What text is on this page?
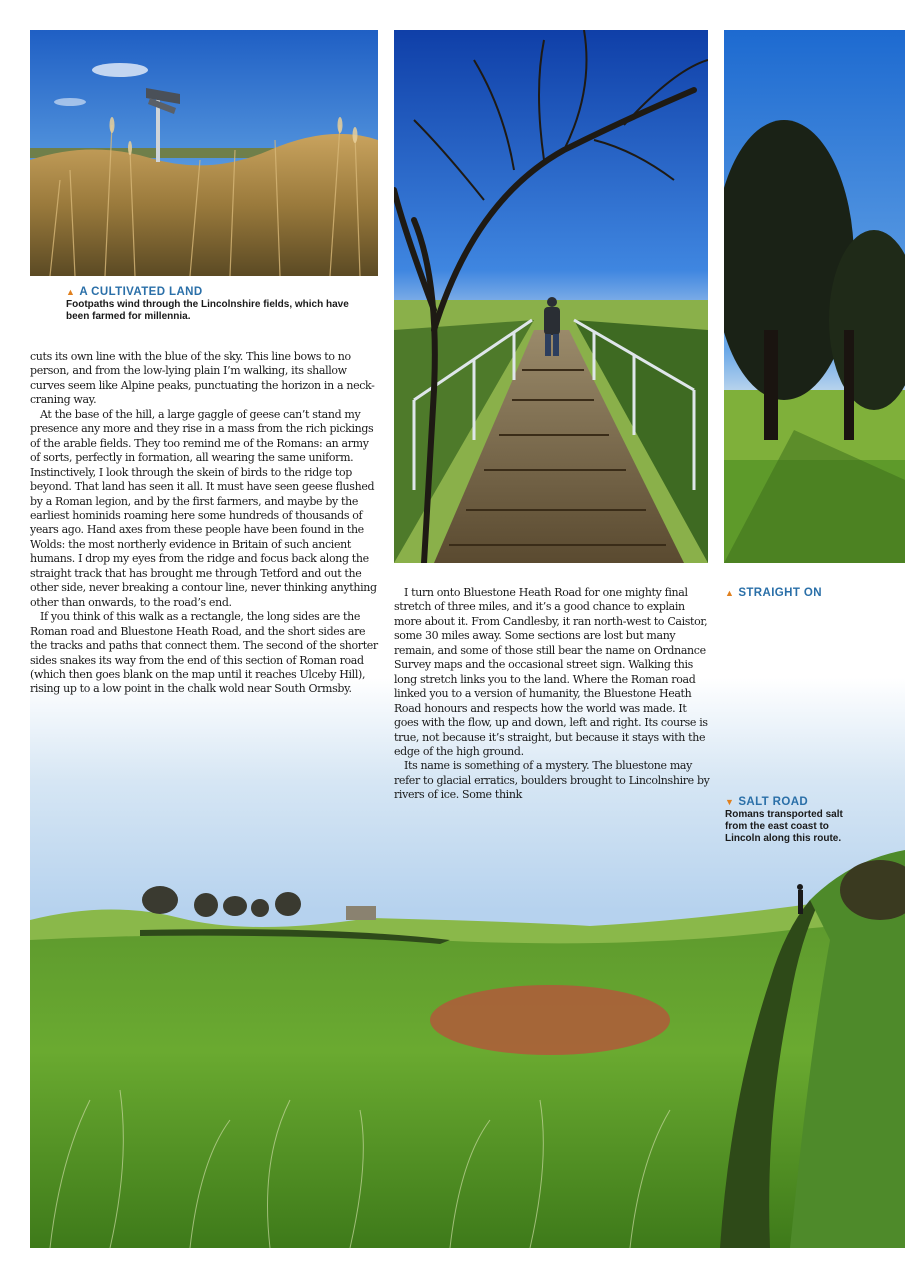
▲ A CULTIVATED LAND
Footpaths wind through the Lincolnshire fields, which have been farmed for millennia.
▲ STRAIGHT ON
▼ SALT ROAD
Romans transported salt from the east coast to Lincoln along this route.

cuts its own line with the blue of the sky. This line bows to no person, and from the low-lying plain I’m walking, its shallow curves seem like Alpine peaks, punctuating the horizon in a neck-craning way.

At the base of the hill, a large gaggle of geese can’t stand my presence any more and they rise in a mass from the rich pickings of the arable fields. They too remind me of the Romans: an army of sorts, perfectly in formation, all wearing the same uniform. Instinctively, I look through the skein of birds to the ridge top beyond. That land has seen it all. It must have seen geese flushed by a Roman legion, and by the first farmers, and maybe by the earliest hominids roaming here some hundreds of thousands of years ago. Hand axes from these people have been found in the Wolds: the most northerly evidence in Britain of such ancient humans. I drop my eyes from the ridge and focus back along the straight track that has brought me through Tetford and out the other side, never breaking a contour line, never thinking anything other than onwards, to the road’s end.

If you think of this walk as a rectangle, the long sides are the Roman road and Bluestone Heath Road, and the short sides are the tracks and paths that connect them. The second of the shorter sides snakes its way from the end of this section of Roman road (which then goes blank on the map until it reaches Ulceby Hill), rising up to a low point in the chalk wold near South Ormsby.

I turn onto Bluestone Heath Road for one mighty final stretch of three miles, and it’s a good chance to explain more about it. From Candlesby, it ran north-west to Caistor, some 30 miles away. Some sections are lost but many remain, and some of those still bear the name on Ordnance Survey maps and the occasional street sign. Walking this long stretch links you to the land. Where the Roman road linked you to a version of humanity, the Bluestone Heath Road honours and respects how the world was made. It goes with the flow, up and down, left and right. Its course is true, not because it’s straight, but because it stays with the edge of the high ground.

Its name is something of a mystery. The bluestone may refer to glacial erratics, boulders brought to Lincolnshire by rivers of ice. Some think
